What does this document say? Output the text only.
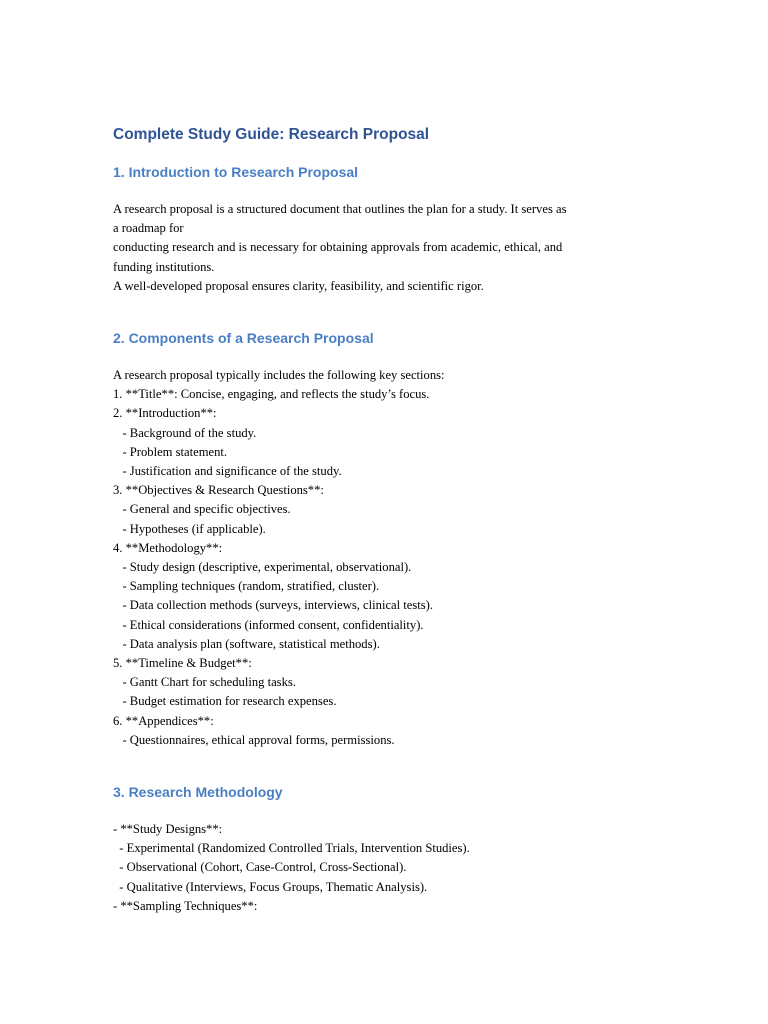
Complete Study Guide: Research Proposal
1. Introduction to Research Proposal
A research proposal is a structured document that outlines the plan for a study. It serves as
a roadmap for
conducting research and is necessary for obtaining approvals from academic, ethical, and
funding institutions.
A well-developed proposal ensures clarity, feasibility, and scientific rigor.
2. Components of a Research Proposal
A research proposal typically includes the following key sections:
1. **Title**: Concise, engaging, and reflects the study’s focus.
2. **Introduction**:
- Background of the study.
- Problem statement.
- Justification and significance of the study.
3. **Objectives & Research Questions**:
- General and specific objectives.
- Hypotheses (if applicable).
4. **Methodology**:
- Study design (descriptive, experimental, observational).
- Sampling techniques (random, stratified, cluster).
- Data collection methods (surveys, interviews, clinical tests).
- Ethical considerations (informed consent, confidentiality).
- Data analysis plan (software, statistical methods).
5. **Timeline & Budget**:
- Gantt Chart for scheduling tasks.
- Budget estimation for research expenses.
6. **Appendices**:
- Questionnaires, ethical approval forms, permissions.
3. Research Methodology
- **Study Designs**:
- Experimental (Randomized Controlled Trials, Intervention Studies).
- Observational (Cohort, Case-Control, Cross-Sectional).
- Qualitative (Interviews, Focus Groups, Thematic Analysis).
- **Sampling Techniques**:
